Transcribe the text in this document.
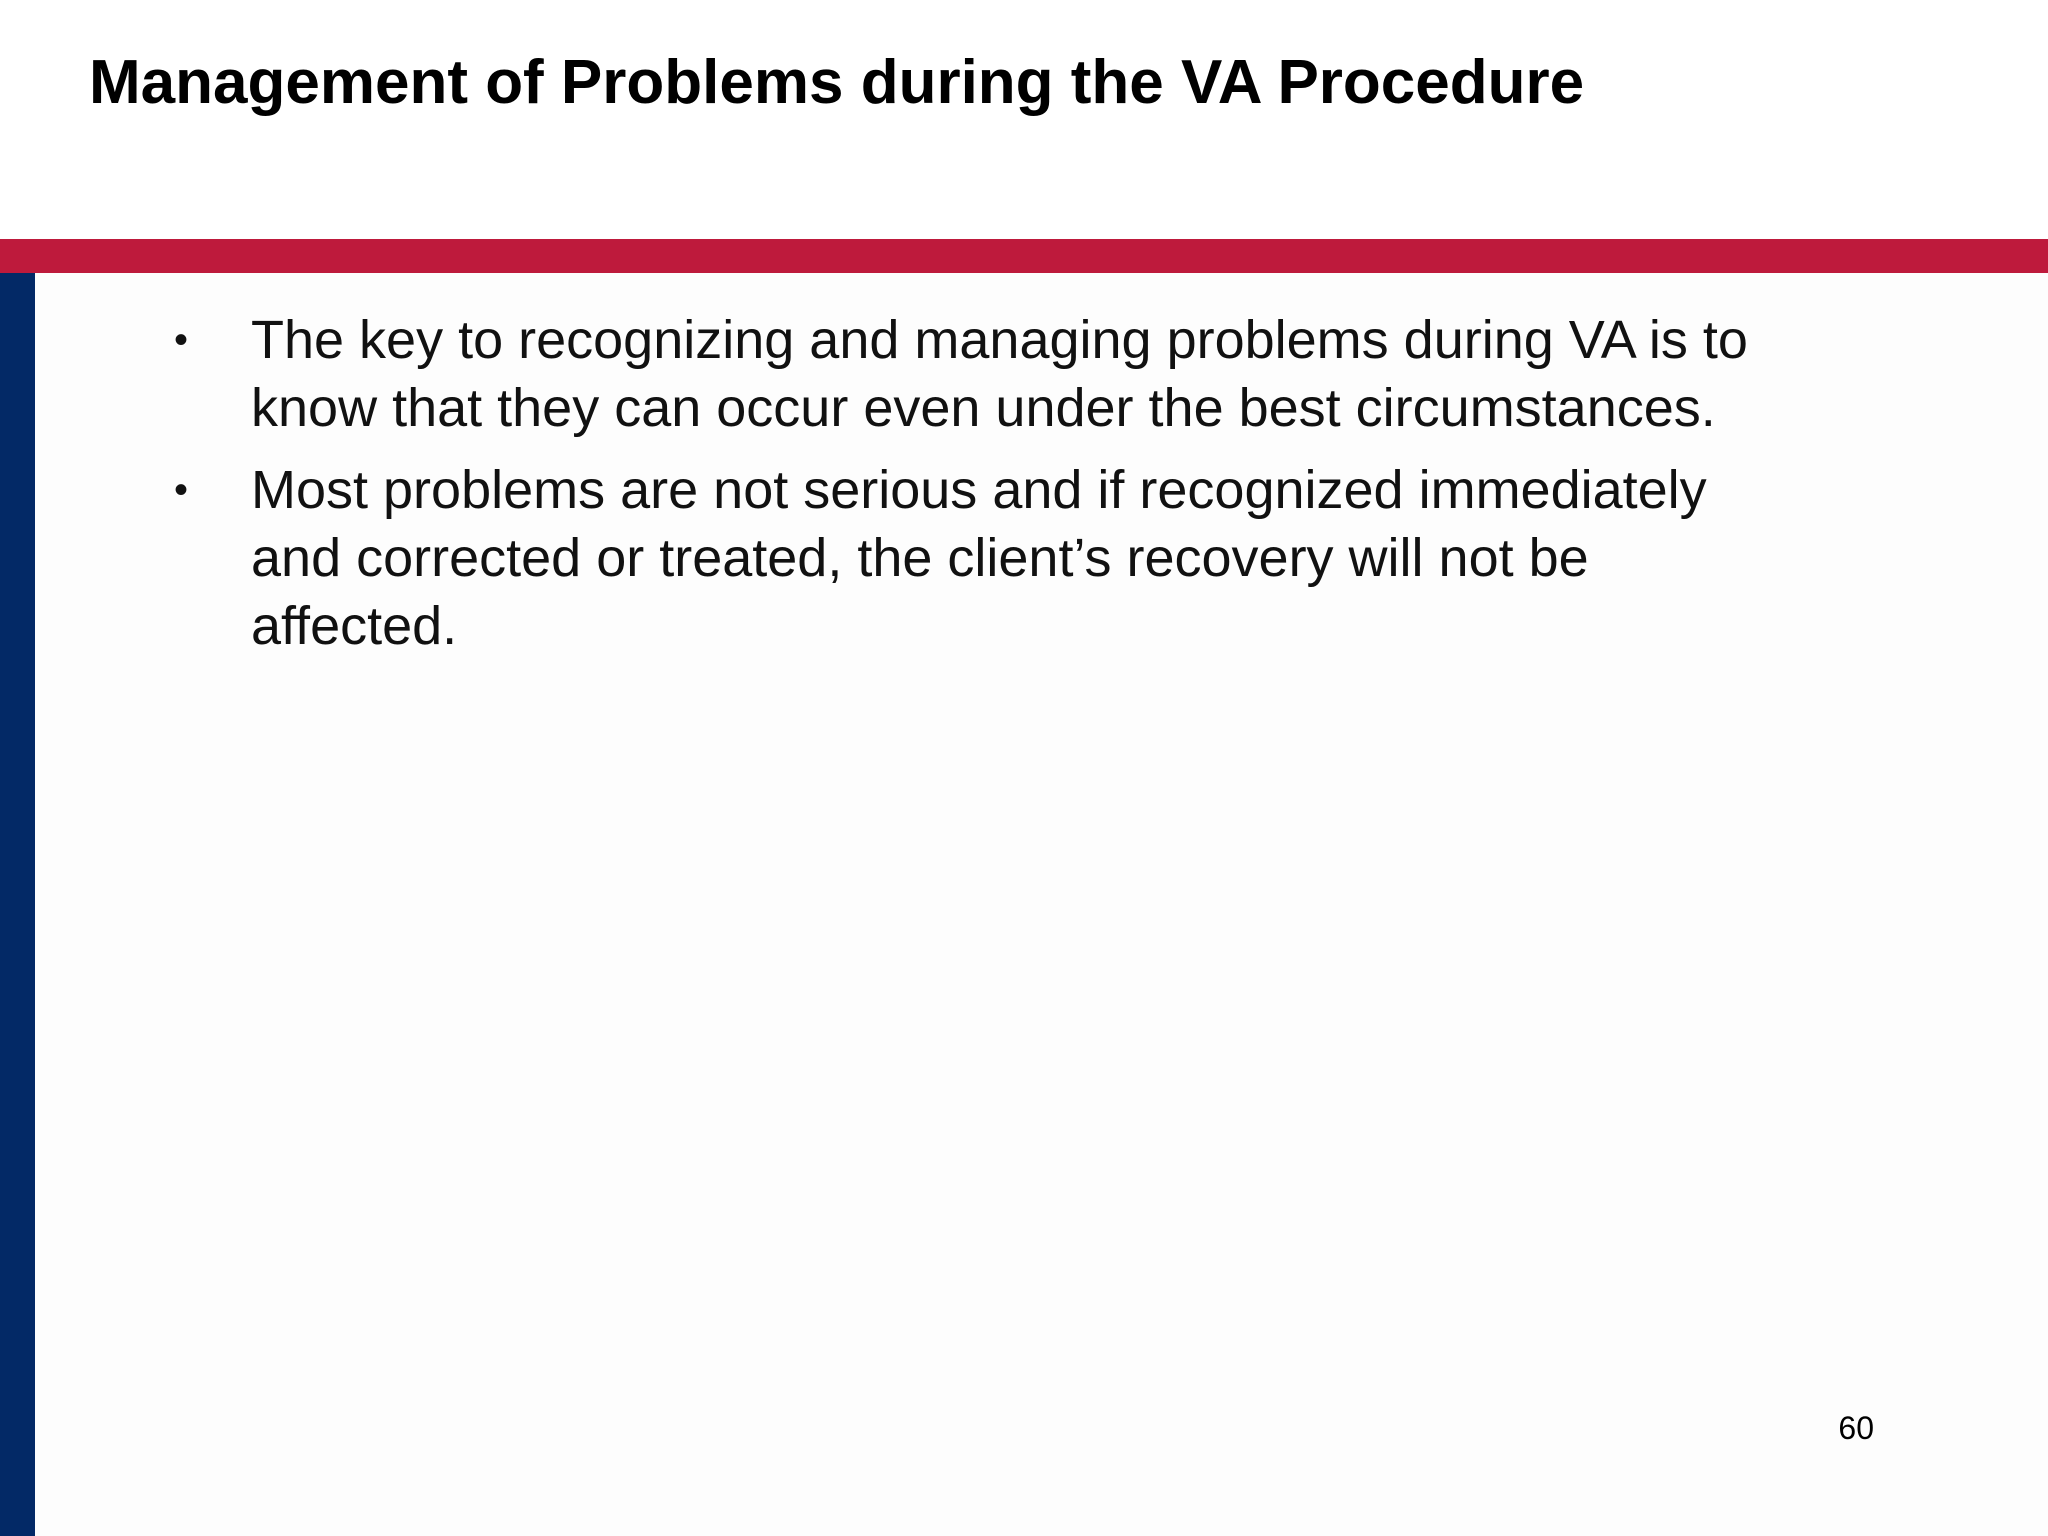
Management of Problems during the VA Procedure
• The key to recognizing and managing problems during VA is to
know that they can occur even under the best circumstances.
• Most problems are not serious and if recognized immediately
and corrected or treated, the client’s recovery will not be
affected.
60
